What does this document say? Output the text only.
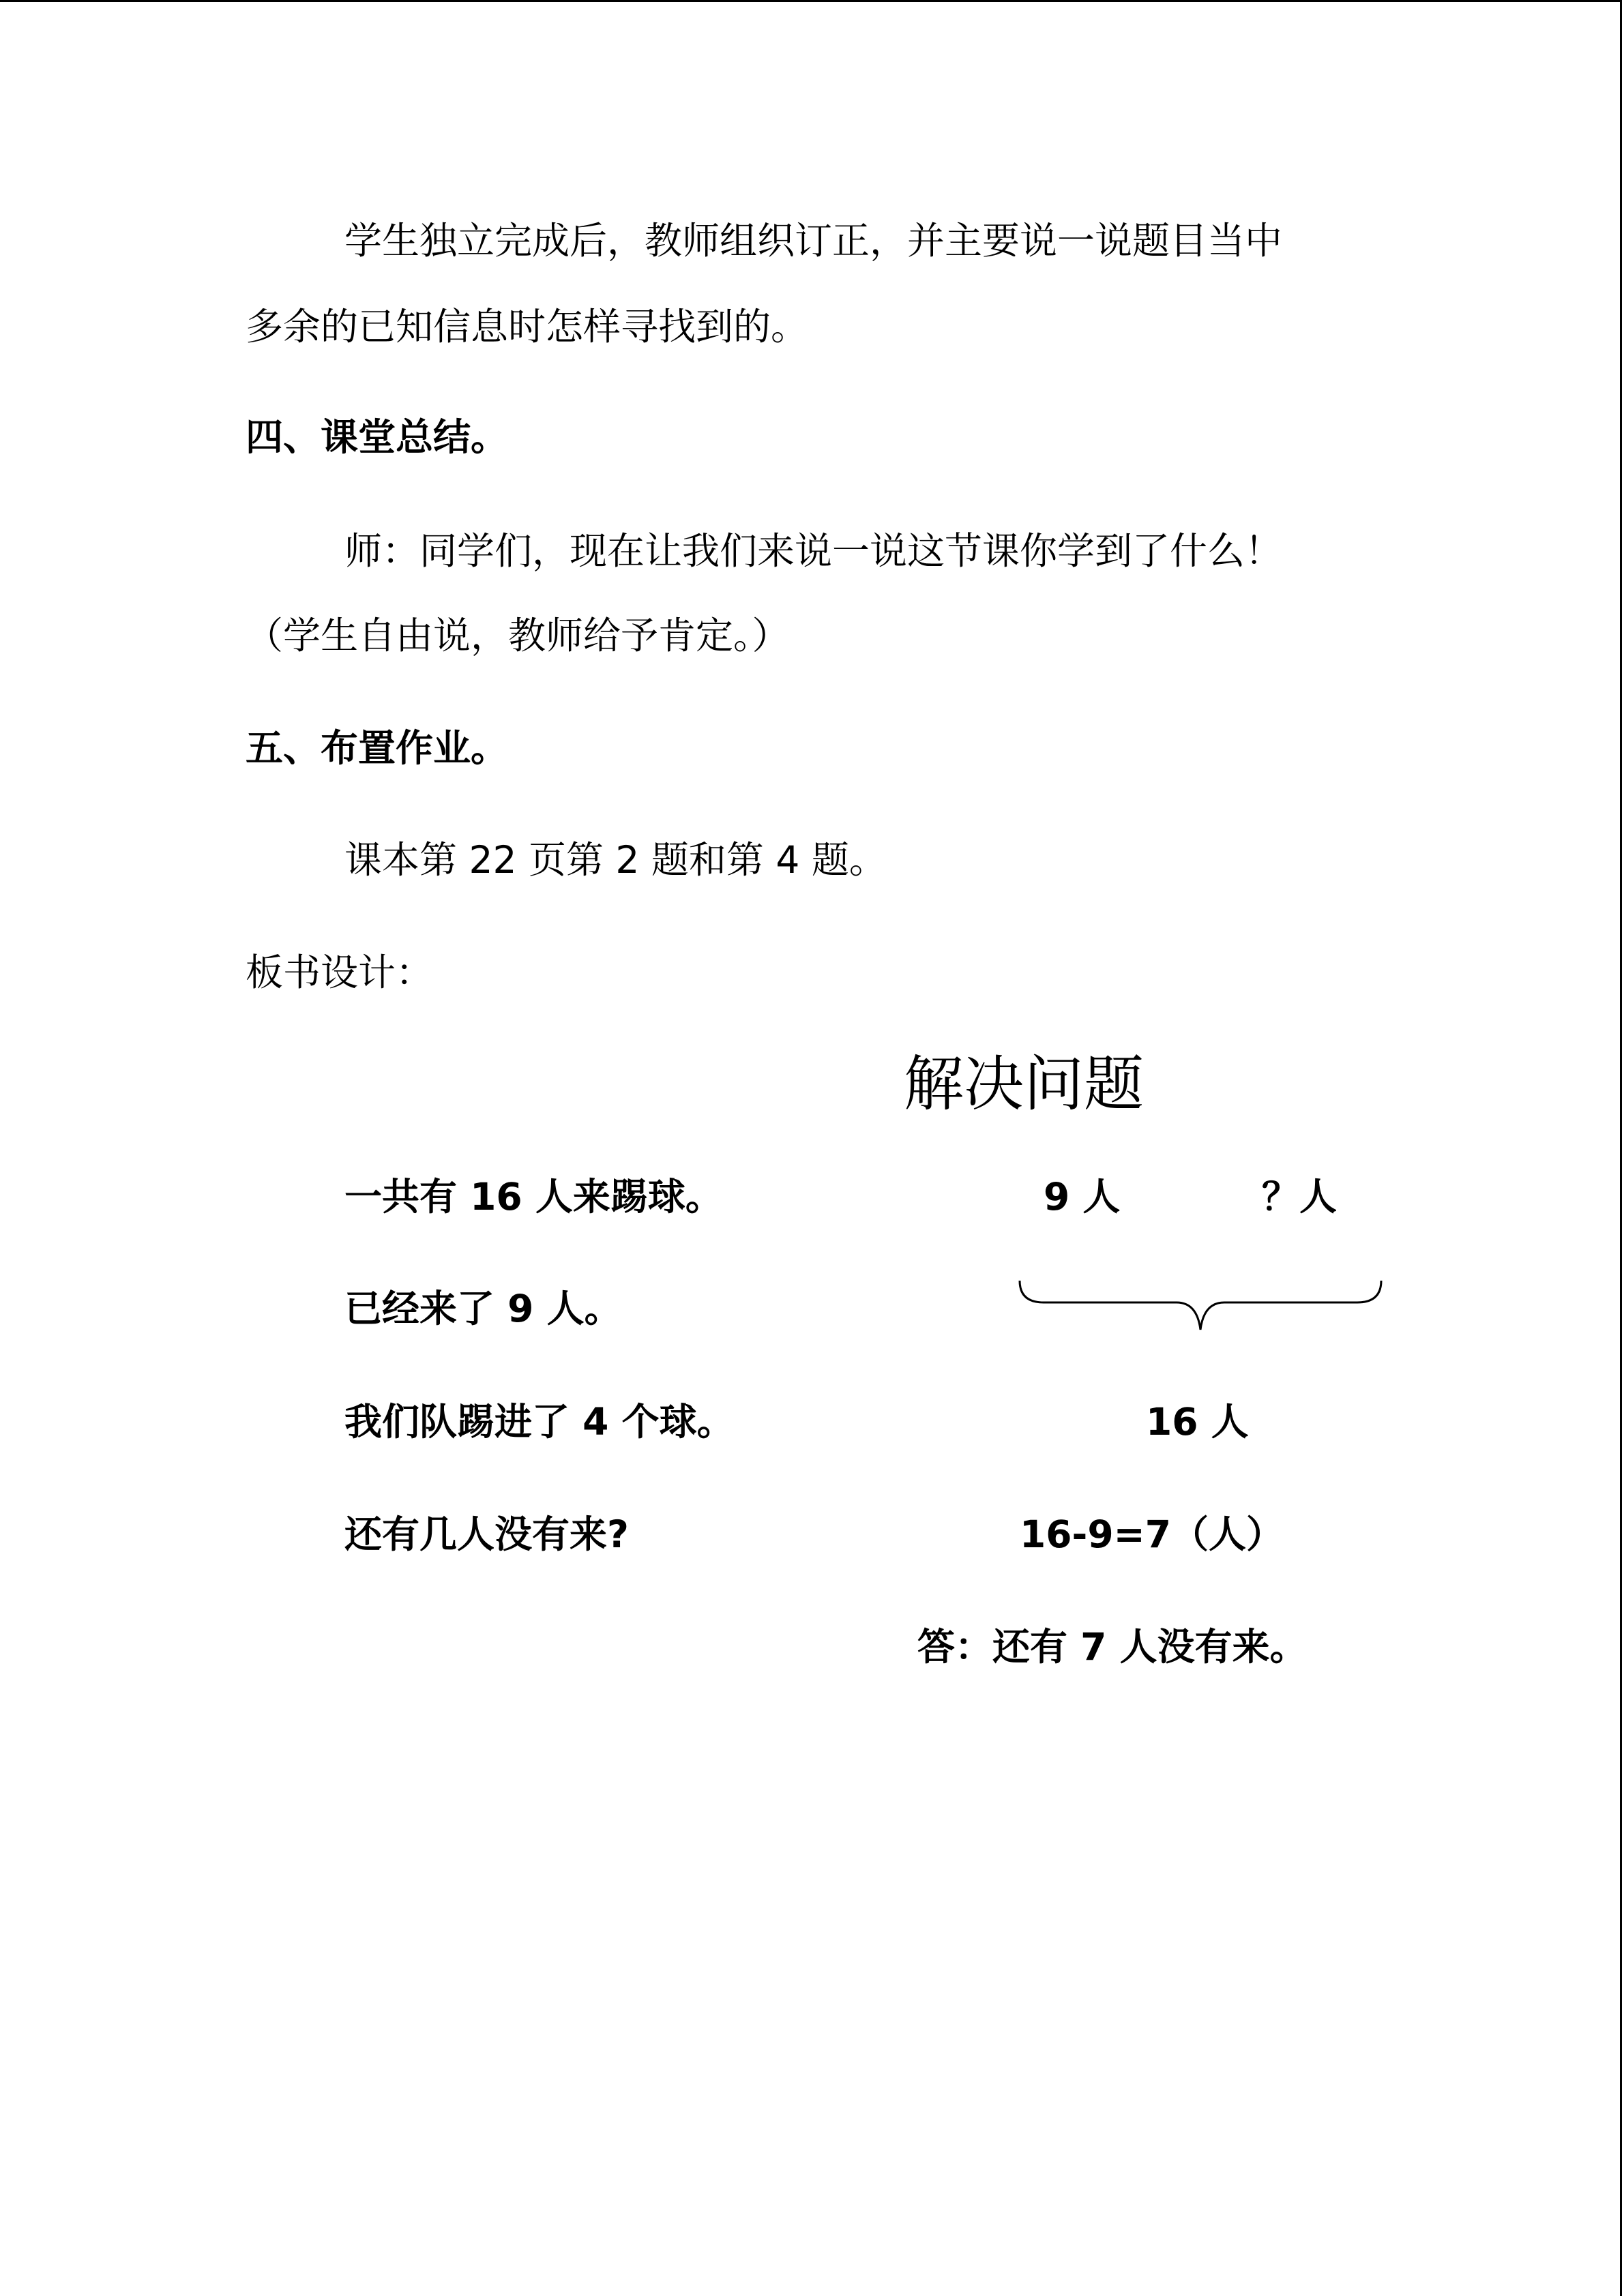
学生独立完成后，教师组织订正，并主要说一说题目当中
多余的已知信息时怎样寻找到的。
四、课堂总结。
师：同学们，现在让我们来说一说这节课你学到了什么！
（学生自由说，教师给予肯定。）
五、布置作业。
课本第 22 页第 2 题和第 4 题。
板书设计：
解决问题
一共有 16 人来踢球。
已经来了 9 人。
我们队踢进了 4 个球。
还有几人没有来?
9 人	？人
16 人
16-9=7（人）
答：还有 7 人没有来。
